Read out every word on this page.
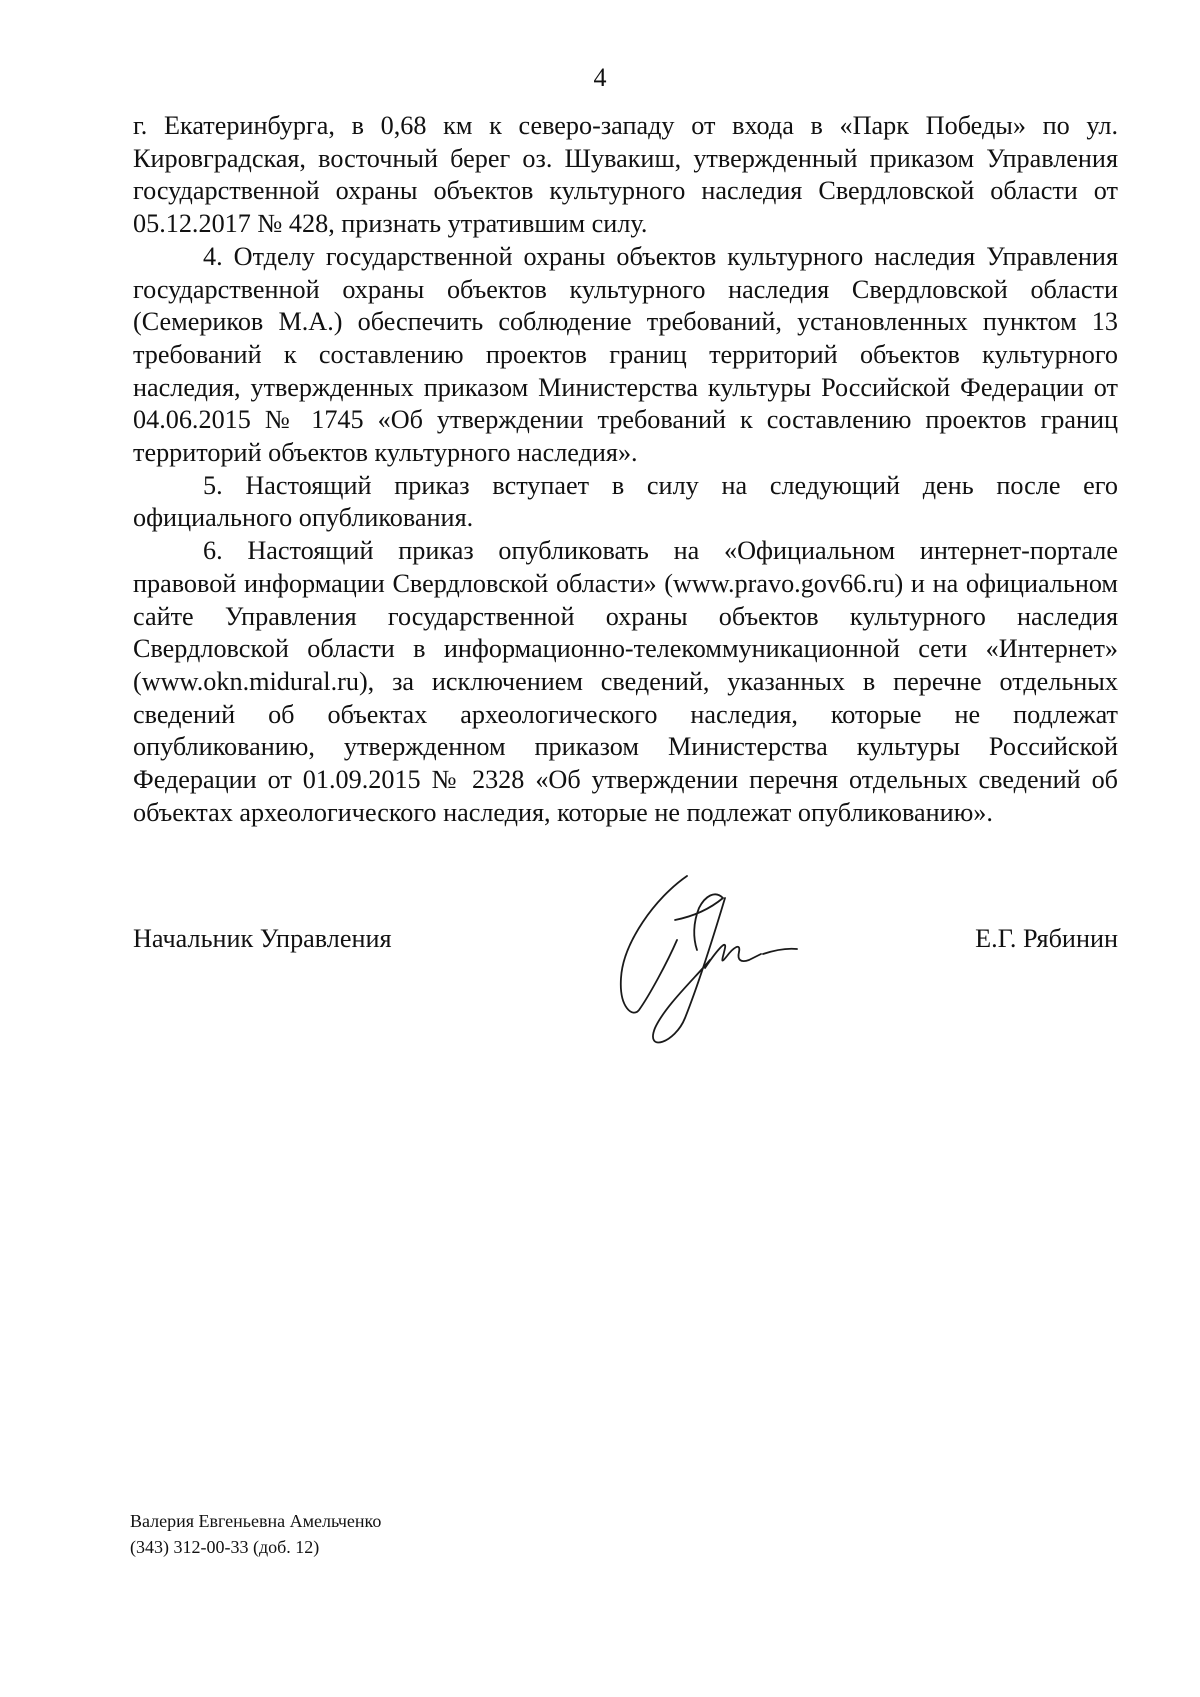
4

г. Екатеринбурга, в 0,68 км к северо-западу от входа в «Парк Победы» по ул. Кировградская, восточный берег оз. Шувакиш, утвержденный приказом Управления государственной охраны объектов культурного наследия Свердловской области от 05.12.2017 № 428, признать утратившим силу.

4. Отделу государственной охраны объектов культурного наследия Управления государственной охраны объектов культурного наследия Свердловской области (Семериков М.А.) обеспечить соблюдение требований, установленных пунктом 13 требований к составлению проектов границ территорий объектов культурного наследия, утвержденных приказом Министерства культуры Российской Федерации от 04.06.2015 № 1745 «Об утверждении требований к составлению проектов границ территорий объектов культурного наследия».

5. Настоящий приказ вступает в силу на следующий день после его официального опубликования.

6. Настоящий приказ опубликовать на «Официальном интернет-портале правовой информации Свердловской области» (www.pravo.gov66.ru) и на официальном сайте Управления государственной охраны объектов культурного наследия Свердловской области в информационно-телекоммуникационной сети «Интернет» (www.okn.midural.ru), за исключением сведений, указанных в перечне отдельных сведений об объектах археологического наследия, которые не подлежат опубликованию, утвержденном приказом Министерства культуры Российской Федерации от 01.09.2015 № 2328 «Об утверждении перечня отдельных сведений об объектах археологического наследия, которые не подлежат опубликованию».

Начальник Управления	Е.Г. Рябинин
Валерия Евгеньевна Амельченко
(343) 312-00-33 (доб. 12)
